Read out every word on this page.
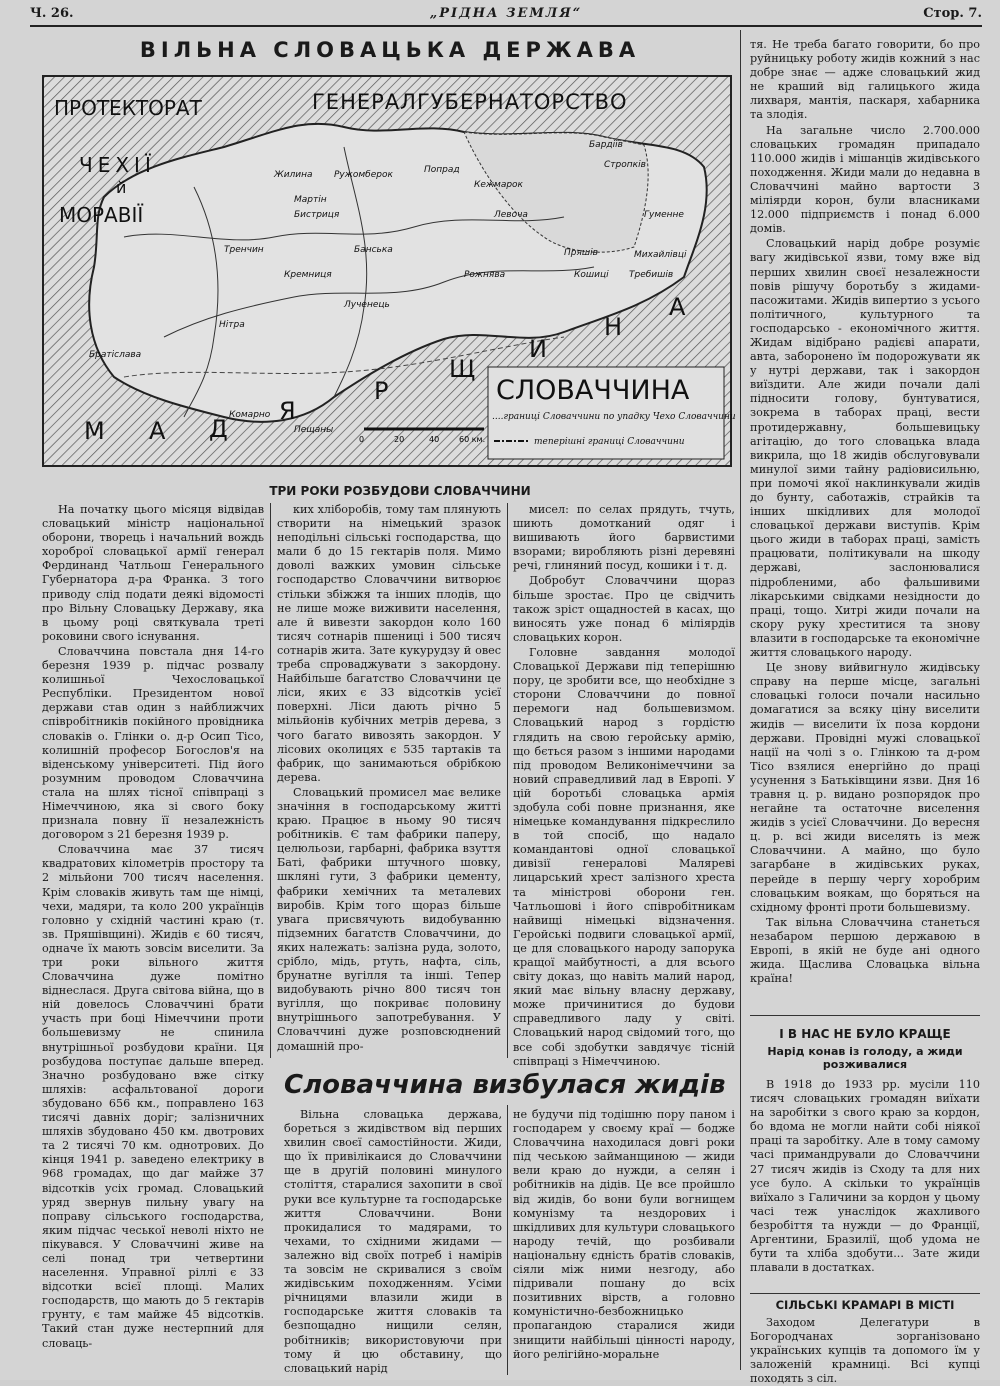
Ч. 26.	„РІДНА ЗЕМЛЯ“	Стор. 7.
ВІЛЬНА СЛОВАЦЬКА ДЕРЖАВА
ПРОТЕКТОРАТ
ЧЕХІЇ
й
МОРАВІЇ
ГЕНЕРАЛГУБЕРНАТОРСТВО
М А Д
Я
Р
Щ
И
Н
А
Пряшів
Кошиці
Бардіїв
Жилина
Тренчин
Нітра
Братіслава
Бистриця
Банська
Кремниця
Левоча
Кежмарок
Попрад
Ружомберок
Мартін
Стропків
Гуменне
Михайлівці
Требишів
Рожнява
Лученець
Комарно
Пещаны
СЛОВАЧЧИНА
....границі Словаччини по упадку Чехо Словаччини
теперішні границі Словаччини
0	20	40 60 км.
ТРИ РОКИ РОЗБУДОВИ СЛОВАЧЧИНИ

На початку цього місяця відвідав словацький міністр національної оборони, творець і начальний вождь хороброї словацької армії генерал Фердинанд Чатльош Генерального Губернатора д-ра Франка. З того приводу слід подати деякі відомості про Вільну Словацьку Державу, яка в цьому році святкувала треті роковини свого існування.

Словаччина повстала дня 14-го березня 1939 р. підчас розвалу колишньої Чехословацької Республіки. Президентом нової держави став один з найближчих співробітників покійного провідника словаків о. Глінки о. д-р Осип Тісо, колишній професор Богослов'я на віденському університеті. Під його розумним проводом Словаччина стала на шлях тісної співпраці з Німеччиною, яка зі свого боку признала повну її незалежність договором з 21 березня 1939 р.

Словаччина має 37 тисяч квадратових кілометрів простору та 2 мільйони 700 тисяч населення. Крім словаків живуть там ще німці, чехи, мадяри, та коло 200 українців головно у східній частині краю (т. зв. Пряшівщині). Жидів є 60 тисяч, одначе їх мають зовсім виселити. За три роки вільного життя Словаччина дуже помітно віднеслася. Друга світова війна, що в ній довелось Словаччині брати участь при боці Німеччини проти большевизму не спинила внутрішньої розбудови країни. Ця розбудова поступає дальше вперед. Значно розбудовано вже сітку шляхів: асфальтованої дороги збудовано 656 км., поправлено 163 тисячі давніх доріг; залізничних шляхів збудовано 450 км. двотрових та 2 тисячі 70 км. однотрових. До кінця 1941 р. заведено електрику в 968 громадах, що даг майже 37 відсотків усіх громад. Словацький уряд звернув пильну увагу на поправу сільського господарства, яким підчас чеської неволі ніхто не пікувався. У Словаччині живе на селі понад три четвертини населення. Управної ріллі є 33 відсотки всієї площі. Малих господарств, що мають до 5 гектарів грунту, є там майже 45 відсотків. Такий стан дуже нестерпний для словаць-

ких хліборобів, тому там плянують створити на німецький зразок неподільні сільські господарства, що мали б до 15 гектарів поля. Мимо доволі важких умовин сільське господарство Словаччини витворює стільки збіжжя та інших плодів, що не лише може виживити населення, але й вивезти закордон коло 160 тисяч сотнарів пшениці і 500 тисяч сотнарів жита. Зате кукурудзу й овес треба спроваджувати з закордону. Найбільше багатство Словаччини це ліси, яких є 33 відсотків усієї поверхні. Ліси дають річно 5 мільйонів кубічних метрів дерева, з чого багато вивозять закордон. У лісових околицях є 535 тартаків та фабрик, що занимаються обрібкою дерева.

Словацький промисел має велике значіння в господарському житті краю. Працює в ньому 90 тисяч робітників. Є там фабрики паперу, целюльози, гарбарні, фабрика взуття Баті, фабрики штучного шовку, шкляні гути, 3 фабрики цементу, фабрики хемічних та металевих виробів. Крім того щораз більше увага присвячують видобуванню підземних багатств Словаччини, до яких належать: залізна руда, золото, срібло, мідь, ртуть, нафта, сіль, брунатне вугілля та інші. Тепер видобувають річно 800 тисяч тон вугілля, що покриває половину внутрішнього запотребування. У Словаччині дуже розповсюднений домашній про-

мисел: по селах прядуть, тчуть, шиють домотканий одяг і вишивають його барвистими взорами; виробляють різні деревяні речі, глиняний посуд, кошики і т. д.

Добробут Словаччини щораз більше зростає. Про це свідчить також зріст ощадностей в касах, що виносять уже понад 6 міліярдів словацьких корон.

Головне завдання молодої Словацької Держави під теперішню пору, це зробити все, що необхідне з сторони Словаччини до повної перемоги над большевизмом. Словацький народ з гордістю глядить на свою геройську армію, що бється разом з іншими народами під проводом Великонімеччини за новий справедливий лад в Европі. У цій боротьбі словацька армія здобула собі повне признання, яке німецьке командування підкреслило в той спосіб, що надало командантові одної словацької дивізії генералові Маляреві лицарський хрест залізного хреста та міністрові оборони ген. Чатльошові і його співробітникам найвищі німецькі відзначення. Геройські подвиги словацької армії, це для словацького народу запорука кращої майбутності, а для всього світу доказ, що навіть малий народ, який має вільну власну державу, може причинитися до будови справедливого ладу у світі. Словацький народ свідомий того, що все собі здобутки завдячує тісній співпраці з Німеччиною.

Словаччина визбулася жидів

Вільна словацька держава, бореться з жидівством від перших хвилин своєї самостійности. Жиди, що їх привілікаися до Словаччини ще в другій половині минулого століття, старалися захопити в свої руки все культурне та господарське життя Словаччини. Вони прокидалися то мадярами, то чехами, то східними жидами — залежно від своїх потреб і намірів та зовсім не скривалися з своїм жидівським походженням. Усіми річницями влазили жиди в господарське життя словаків та безпощадно нищили селян, робітників; використовуючи при тому й цю обставину, що словацький нарід

не будучи під тодішню пору паном і господарем у своєму краї — бодже Словаччина находилася довгі роки під чеською займанщиною — жиди вели краю до нужди, а селян і робітників на дідів. Це все пройшло від жидів, бо вони були вогнищем комунізму та нездорових і шкідливих для культури словацького народу течій, що розбивали національну єдність братів словаків, сіяли між ними незгоду, або підривали пошану до всіх позитивних вірств, а головно комуністично-безбожницько пропагандою старалися жиди знищити найбільші цінності народу, його релігійно-моральне

тя. Не треба багато говорити, бо про руйницьку роботу жидів кожний з нас добре знає — адже словацький жид не краший від галицького жида лихваря, мантія, паскаря, хабарника та злодія.

На загальне число 2.700.000 словацьких громадян припадало 110.000 жидів і мішанців жидівського походження. Жиди мали до недавна в Словаччині майно вартости 3 міліярди корон, були власниками 12.000 підприємств і понад 6.000 домів.

Словацький нарід добре розуміє вагу жидівської язви, тому вже від перших хвилин своєї незалежности повів рішучу боротьбу з жидами-пасожитами. Жидів випертио з усього політичного, культурного та господарсько - економічного життя. Жидам відібрано радієві апарати, авта, заборонено їм подорожувати як у нутрі держави, так і закордон виїздити. Але жиди почали далі підносити голову, бунтуватися, зокрема в таборах праці, вести протидержавну, большевицьку агітацію, до того словацька влада викрила, що 18 жидів обслуговували минулої зими тайну радіовисильню, при помочі якої наклинкували жидів до бунту, саботажів, страйків та інших шкідливих для молодої словацької держави виступів. Крім цього жиди в таборах праці, замість працювати, політикували на шкоду державі, заслонювалися підробленими, або фальшивими лікарськими свідками незідности до праці, тощо. Хитрі жиди почали на скору руку хреститися та знову влазити в господарське та економічне життя словацького народу.

Це знову вийвигнуло жидівську справу на перше місце, загальні словацькі голоси почали насильно домагатися за всяку ціну виселити жидів — виселити їх поза кордони держави. Провідні мужі словацької нації на чолі з о. Глінкою та д-ром Тісо взялися енергійно до праці усунення з Батьківщини язви. Дня 16 травня ц. р. видано розпорядок про негайне та остаточне виселення жидів з усієї Словаччини. До вересня ц. р. всі жиди виселять із меж Словаччини. А майно, що було загарбане в жидівських руках, перейде в першу чергу хоробрим словацьким воякам, що боряться на східному фронті проти большевизму.

Так вільна Словаччина станеться незабаром першою державою в Европі, в якій не буде ані одного жида. Щаслива Словацька вільна країна!

І В НАС НЕ БУЛО КРАЩЕ
Нарід конав із голоду, а жиди розживалися

В 1918 до 1933 рр. мусіли 110 тисяч словацьких громадян виїхати на заробітки з свого краю за кордон, бо вдома не могли найти собі ніякої праці та заробітку. Але в тому самому часі примандрували до Словаччини 27 тисяч жидів із Сходу та для них усе було. А скільки то українців виїхало з Галичини за кордон у цьому часі теж унаслідок жахливого безробіття та нужди — до Франції, Аргентини, Бразилії, щоб удома не бути та хліба здобути... Зате жиди плавали в достатках.

СІЛЬСЬКІ КРАМАРІ В МІСТІ

Заходом Делегатури в Богородчанах зорганізовано українських купців та допомого їм у заложеній крамниці. Всі купці походять з сіл.
